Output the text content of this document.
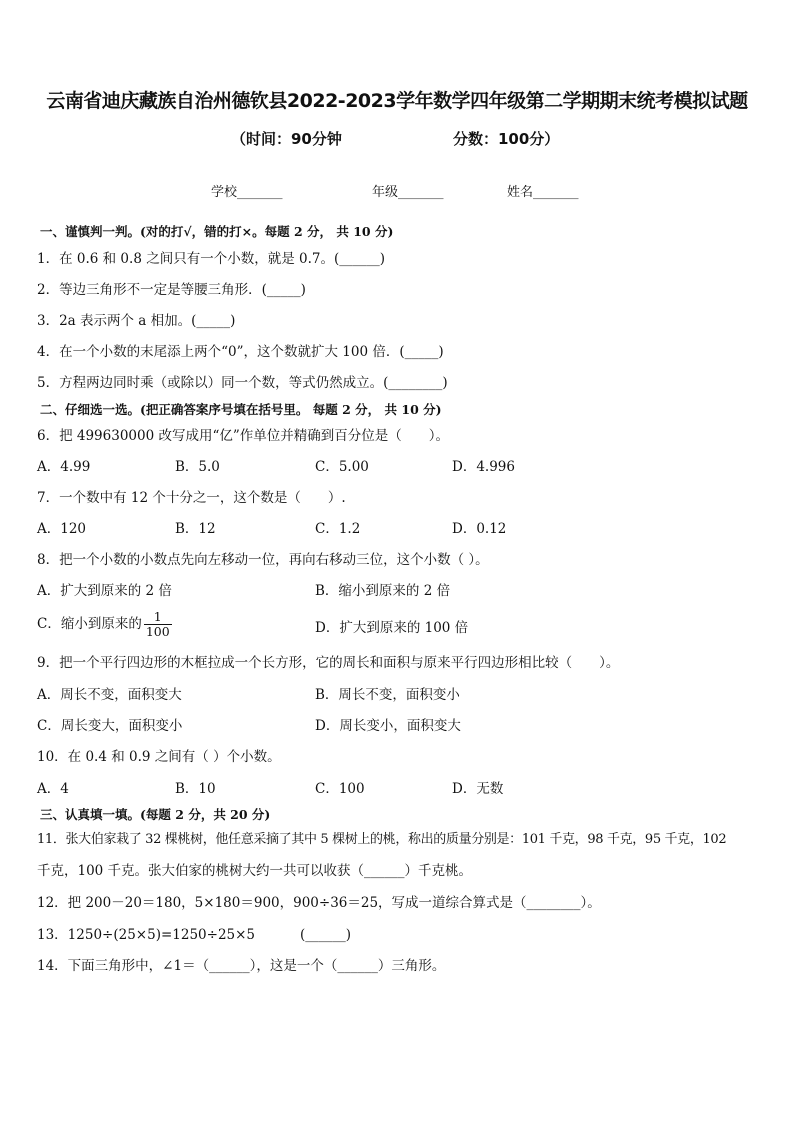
云南省迪庆藏族自治州德钦县2022-2023学年数学四年级第二学期期末统考模拟试题
（时间：90分钟	分数：100分）
学校_______	年级_______	姓名_______
一、谨慎判一判。(对的打√，错的打×。每题 2 分， 共 10 分)
1．在 0.6 和 0.8 之间只有一个小数，就是 0.7。(______)
2．等边三角形不一定是等腰三角形．(_____)
3．2a 表示两个 a 相加。(_____)
4．在一个小数的末尾添上两个“0”，这个数就扩大 100 倍．(_____)
5．方程两边同时乘（或除以）同一个数，等式仍然成立。(________)
二、仔细选一选。(把正确答案序号填在括号里。 每题 2 分， 共 10 分)
6．把 499630000 改写成用“亿”作单位并精确到百分位是（　　）。
A．4.99	B．5.0	C．5.00	D．4.996
7．一个数中有 12 个十分之一，这个数是（　　）.
A．120	B．12	C．1.2	D．0.12
8．把一个小数的小数点先向左移动一位，再向右移动三位，这个小数（ ）。
A．扩大到原来的 2 倍	B．缩小到原来的 2 倍
C．缩小到原来的 $\frac{1}{100}$	D．扩大到原来的 100 倍
9．把一个平行四边形的木框拉成一个长方形，它的周长和面积与原来平行四边形相比较（　　）。
A．周长不变，面积变大	B．周长不变，面积变小
C．周长变大，面积变小	D．周长变小，面积变大
10．在 0.4 和 0.9 之间有（ ）个小数。
A．4	B．10	C．100	D．无数
三、认真填一填。(每题 2 分，共 20 分)
11．张大伯家栽了 32 棵桃树，他任意采摘了其中 5 棵树上的桃，称出的质量分别是：101 千克，98 千克，95 千克，102
千克，100 千克。张大伯家的桃树大约一共可以收获（______）千克桃。
12．把 200－20＝180，5×180＝900，900÷36＝25，写成一道综合算式是（________）。
13．1250÷(25×5)=1250÷25×5	(______)
14．下面三角形中，∠1＝（______），这是一个（______）三角形。
